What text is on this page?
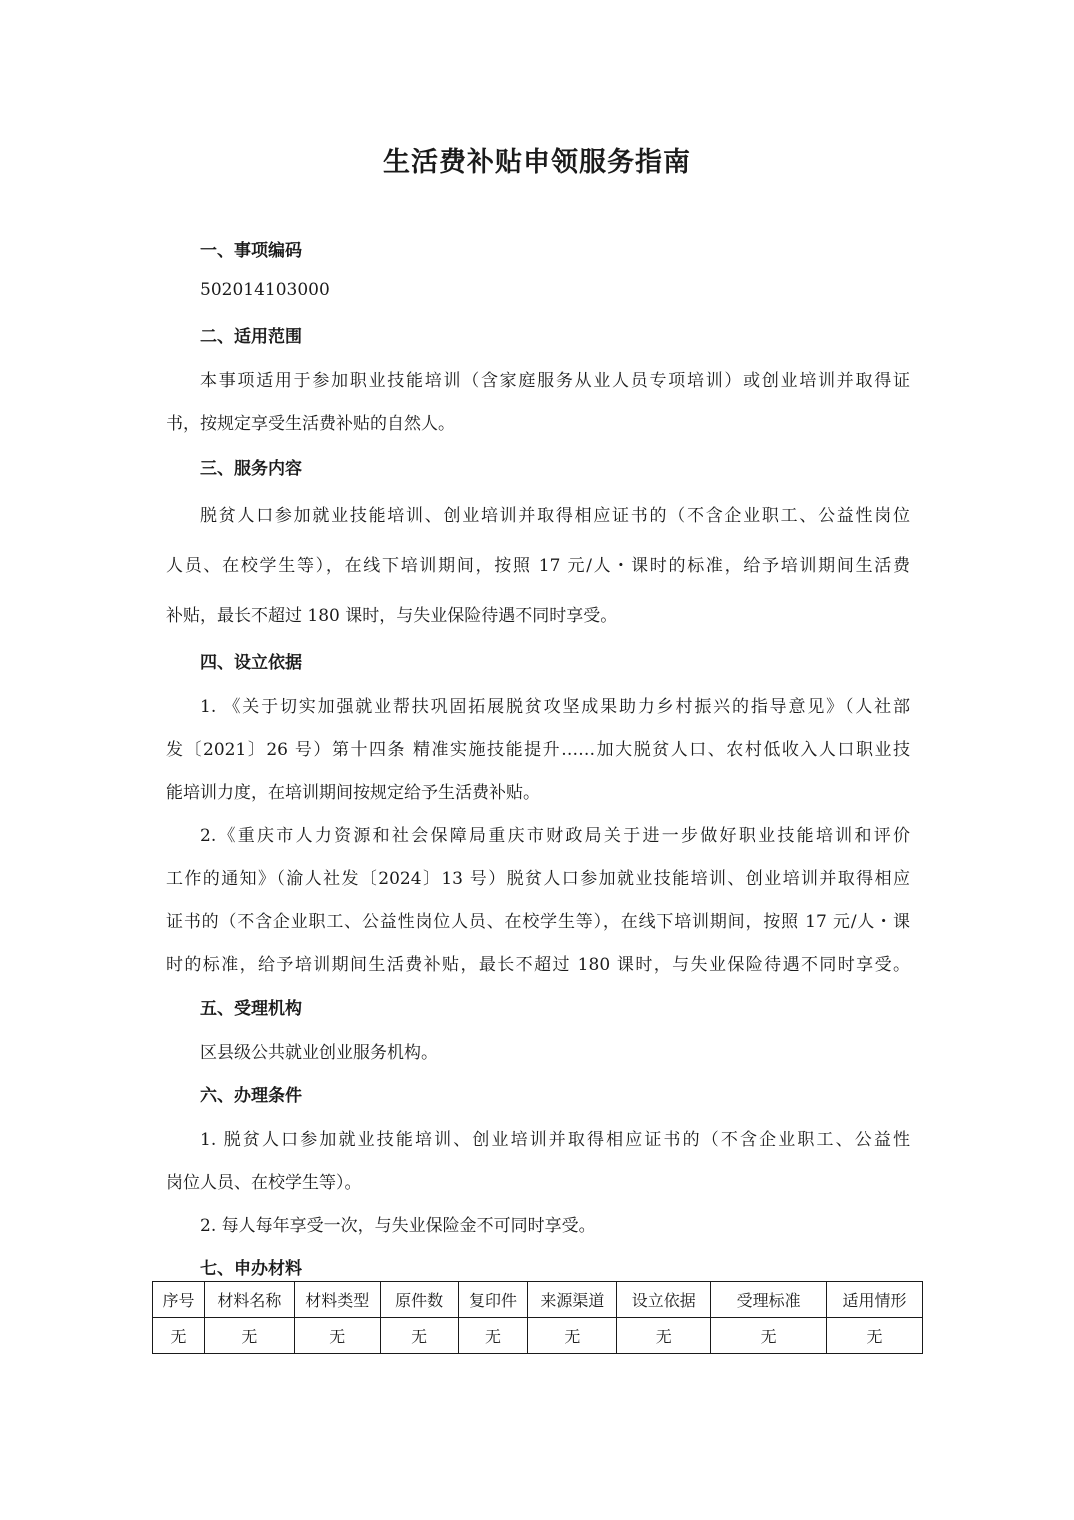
生活费补贴申领服务指南
一、事项编码
502014103000
二、适用范围
本事项适用于参加职业技能培训（含家庭服务从业人员专项培训）或创业培训并取得证
书，按规定享受生活费补贴的自然人。
三、服务内容
脱贫人口参加就业技能培训、创业培训并取得相应证书的（不含企业职工、公益性岗位
人员、在校学生等），在线下培训期间，按照 17 元/人・课时的标准，给予培训期间生活费
补贴，最长不超过 180 课时，与失业保险待遇不同时享受。
四、设立依据
1. 《关于切实加强就业帮扶巩固拓展脱贫攻坚成果助力乡村振兴的指导意见》（人社部
发〔2021〕26 号）第十四条 精准实施技能提升……加大脱贫人口、农村低收入人口职业技
能培训力度，在培训期间按规定给予生活费补贴。
2.《重庆市人力资源和社会保障局重庆市财政局关于进一步做好职业技能培训和评价
工作的通知》（渝人社发〔2024〕13 号）脱贫人口参加就业技能培训、创业培训并取得相应
证书的（不含企业职工、公益性岗位人员、在校学生等），在线下培训期间，按照 17 元/人・课
时的标准，给予培训期间生活费补贴，最长不超过 180 课时，与失业保险待遇不同时享受。
五、受理机构
区县级公共就业创业服务机构。
六、办理条件
1. 脱贫人口参加就业技能培训、创业培训并取得相应证书的（不含企业职工、公益性
岗位人员、在校学生等）。
2. 每人每年享受一次，与失业保险金不可同时享受。
七、申办材料
序号	材料名称	材料类型	原件数	复印件	来源渠道	设立依据	受理标准	适用情形
无	无	无	无	无	无	无	无	无
